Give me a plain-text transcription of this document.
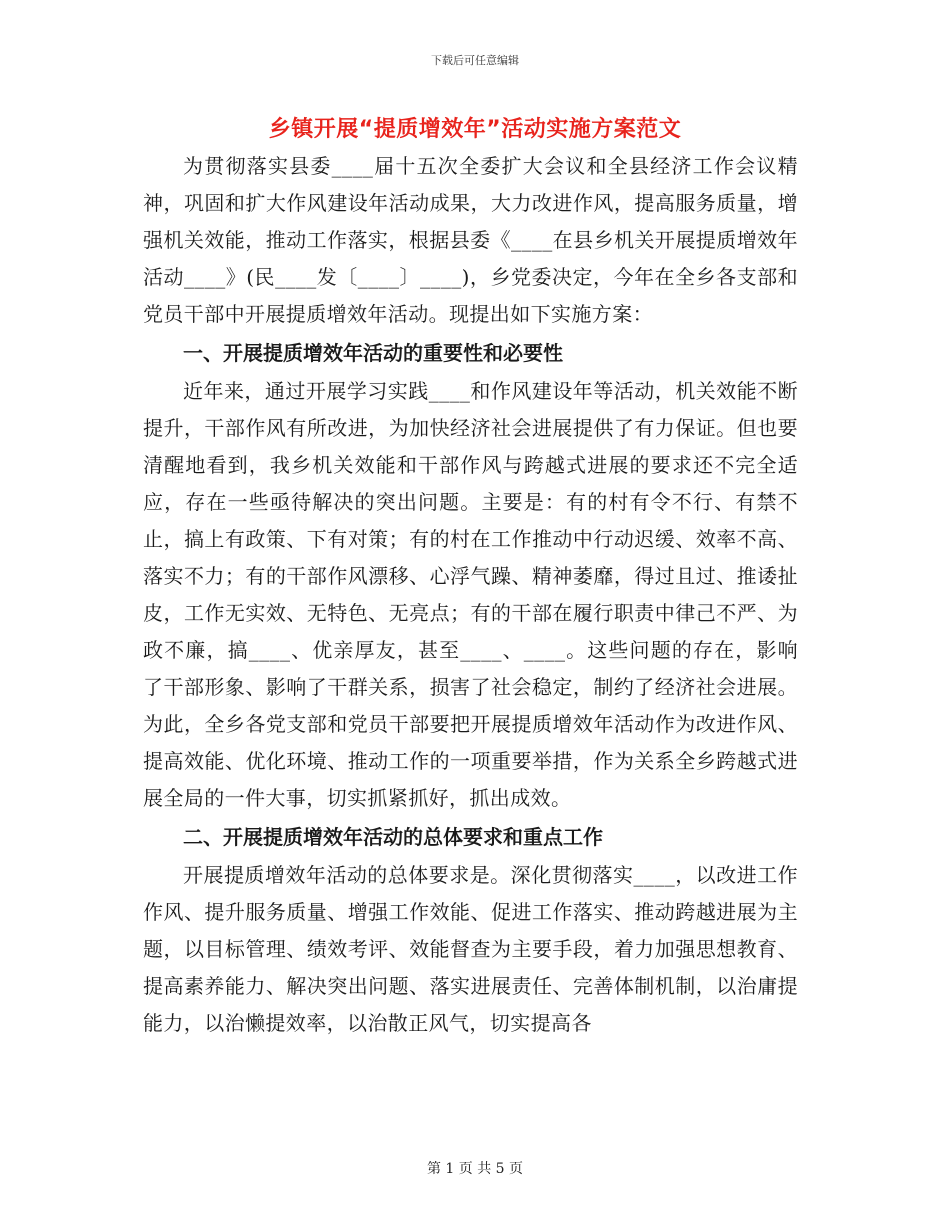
下载后可任意编辑
乡镇开展“提质增效年”活动实施方案范文

为贯彻落实县委____届十五次全委扩大会议和全县经济工作会议精神，巩固和扩大作风建设年活动成果，大力改进作风，提高服务质量，增强机关效能，推动工作落实，根据县委《____在县乡机关开展提质增效年活动____》(民____发〔____〕____)，乡党委决定，今年在全乡各支部和党员干部中开展提质增效年活动。现提出如下实施方案：

一、开展提质增效年活动的重要性和必要性

近年来，通过开展学习实践____和作风建设年等活动，机关效能不断提升，干部作风有所改进，为加快经济社会进展提供了有力保证。但也要清醒地看到，我乡机关效能和干部作风与跨越式进展的要求还不完全适应，存在一些亟待解决的突出问题。主要是：有的村有令不行、有禁不止，搞上有政策、下有对策；有的村在工作推动中行动迟缓、效率不高、落实不力；有的干部作风漂移、心浮气躁、精神萎靡，得过且过、推诿扯皮，工作无实效、无特色、无亮点；有的干部在履行职责中律己不严、为政不廉，搞____、优亲厚友，甚至____、____。这些问题的存在，影响了干部形象、影响了干群关系，损害了社会稳定，制约了经济社会进展。为此，全乡各党支部和党员干部要把开展提质增效年活动作为改进作风、提高效能、优化环境、推动工作的一项重要举措，作为关系全乡跨越式进展全局的一件大事，切实抓紧抓好，抓出成效。

二、开展提质增效年活动的总体要求和重点工作

开展提质增效年活动的总体要求是。深化贯彻落实____，以改进工作作风、提升服务质量、增强工作效能、促进工作落实、推动跨越进展为主题，以目标管理、绩效考评、效能督查为主要手段，着力加强思想教育、提高素养能力、解决突出问题、落实进展责任、完善体制机制，以治庸提能力，以治懒提效率，以治散正风气，切实提高各

第 1 页 共 5 页
